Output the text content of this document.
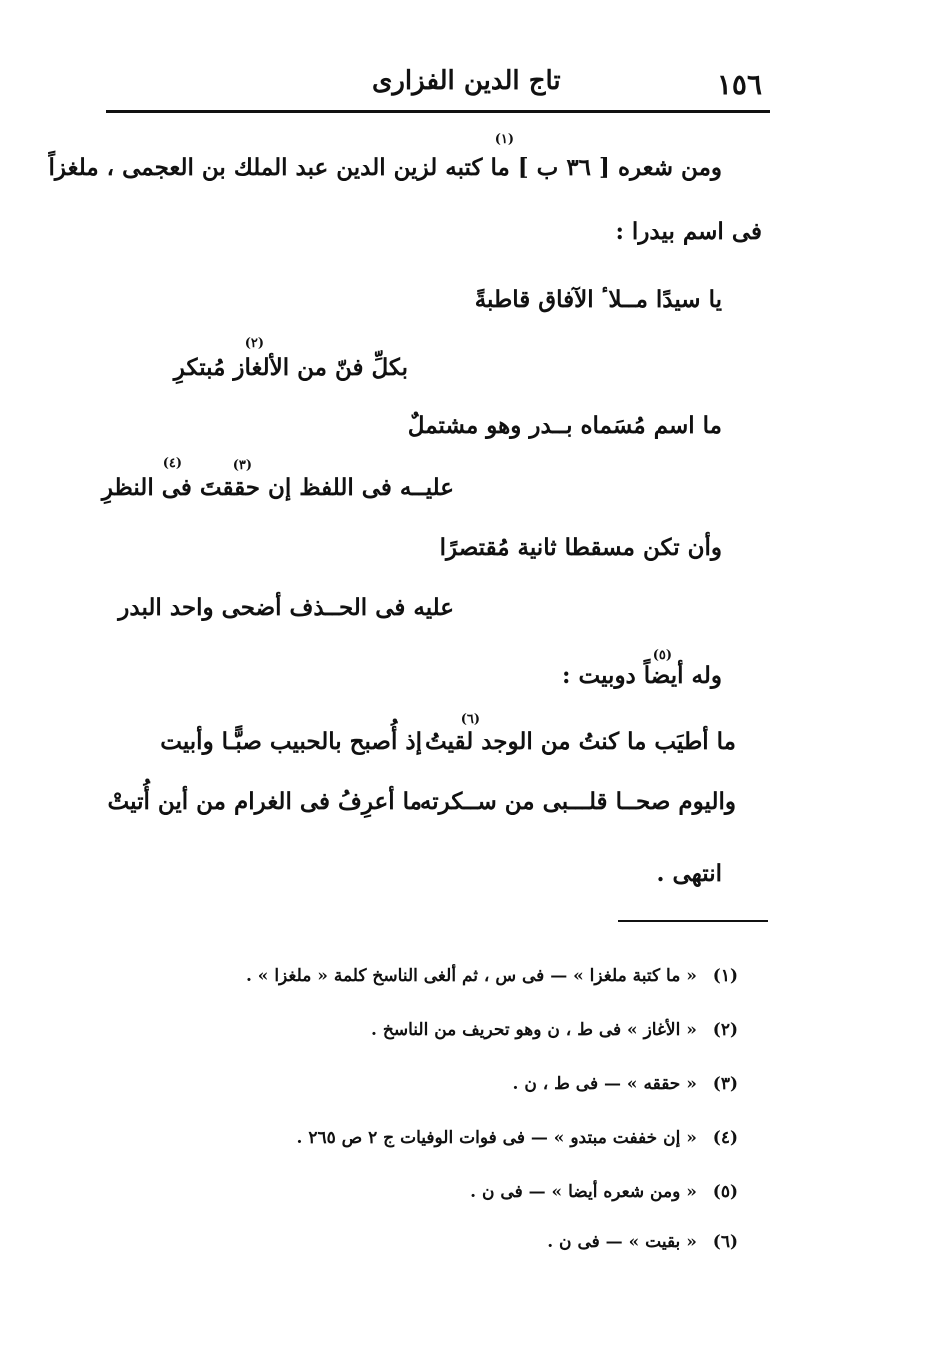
١٥٦
تاج الدين الفزارى
ومن شعره [ ٣٦ ب ] ما كتبه لزين الدين عبد الملك بن العجمى ، ملغزاً
(١)
فى اسم بيدرا :
يا سيدًا مــلاٴ الآفاق قاطبةً
بكلِّ فنّ من الألغاز مُبتكرِ
(٢)
ما اسم مُسَماه بــدر وهو مشتملٌ
عليــه فى اللفظ إن حققتَ فى النظرِ
(٣)
(٤)
وأن تكن مسقطا ثانية مُقتصرًا
عليه فى الحــذف أضحى واحد البدر
وله أيضاً دوبيت :
(٥)
ما أطيَب ما كنتُ من الوجد لقيتُ
(٦)
إذ أُصبح بالحبيب صبًّـا وأبيت
واليوم صحــا قلـــبى من ســكرته
ما أعرِفُ فى الغرام من أين أُتيتْ
انتهى .
(١) « ما كتبة ملغزا » — فى س ، ثم ألغى الناسخ كلمة « ملغزا » .
(٢) « الأغاز » فى ط ، ن وهو تحريف من الناسخ .
(٣) « حققه » — فى ط ، ن .
(٤) « إن خففت مبتدو » — فى فوات الوفيات ج ٢ ص ٢٦٥ .
(٥) « ومن شعره أيضا » — فى ن .
(٦) « بقيت » — فى ن .
